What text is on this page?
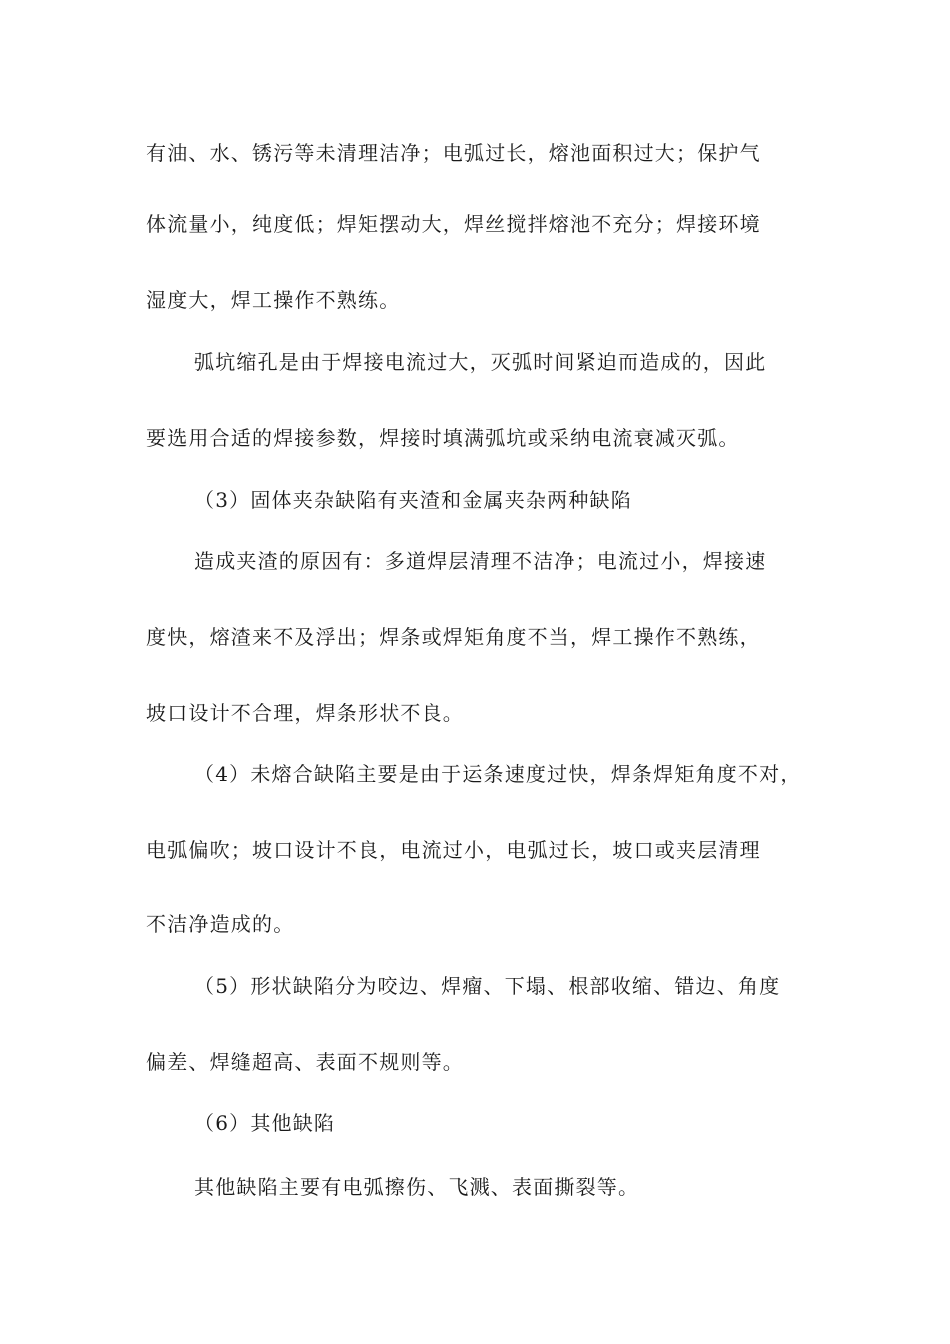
有油、水、锈污等未清理洁净；电弧过长，熔池面积过大；保护气
体流量小，纯度低；焊矩摆动大，焊丝搅拌熔池不充分；焊接环境
湿度大，焊工操作不熟练。
弧坑缩孔是由于焊接电流过大，灭弧时间紧迫而造成的，因此
要选用合适的焊接参数，焊接时填满弧坑或采纳电流衰减灭弧。
（3）固体夹杂缺陷有夹渣和金属夹杂两种缺陷
造成夹渣的原因有：多道焊层清理不洁净；电流过小，焊接速
度快，熔渣来不及浮出；焊条或焊矩角度不当，焊工操作不熟练，
坡口设计不合理，焊条形状不良。
（4）未熔合缺陷主要是由于运条速度过快，焊条焊矩角度不对，
电弧偏吹；坡口设计不良，电流过小，电弧过长，坡口或夹层清理
不洁净造成的。
（5）形状缺陷分为咬边、焊瘤、下塌、根部收缩、错边、角度
偏差、焊缝超高、表面不规则等。
（6）其他缺陷
其他缺陷主要有电弧擦伤、飞溅、表面撕裂等。
